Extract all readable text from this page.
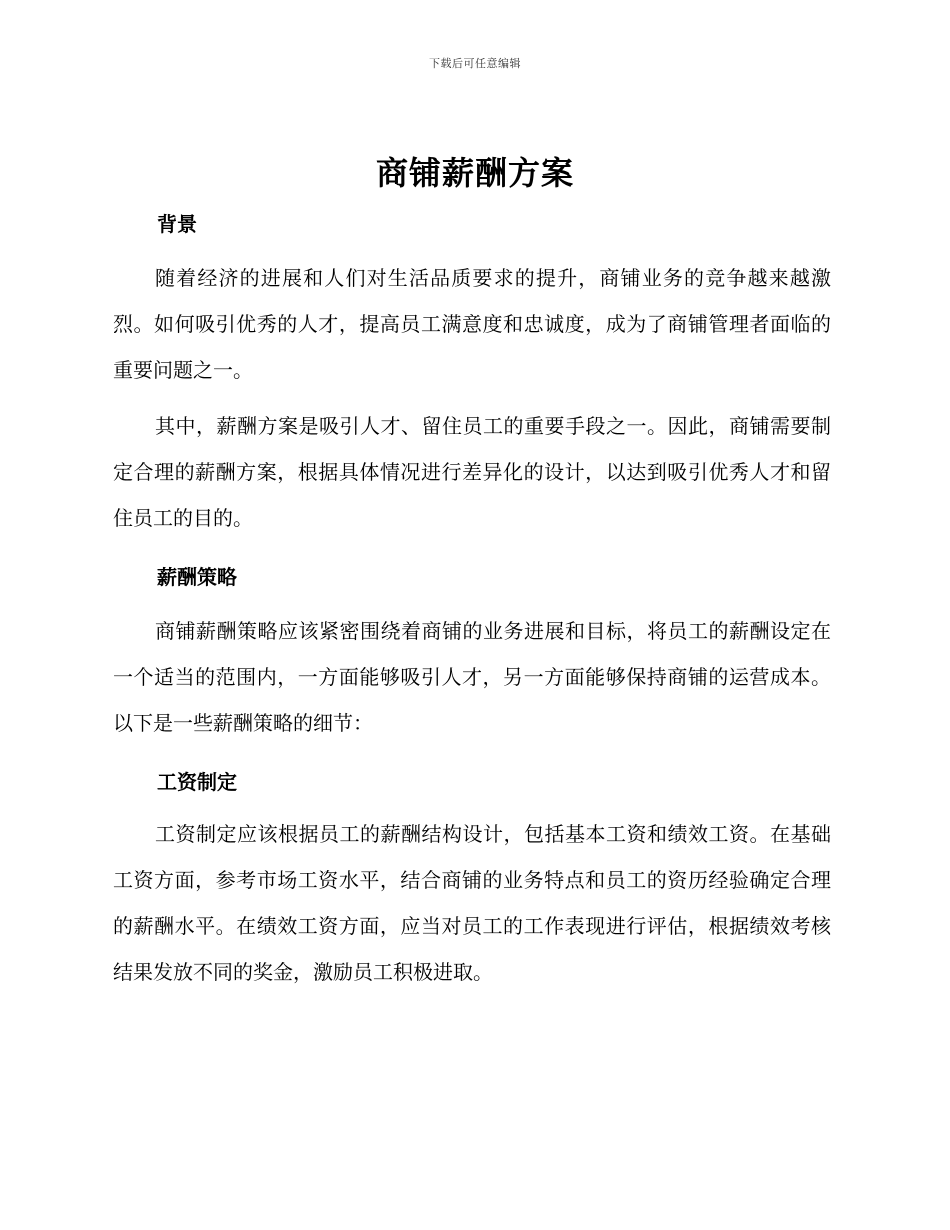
下载后可任意编辑
商铺薪酬方案
背景

随着经济的进展和人们对生活品质要求的提升，商铺业务的竞争越来越激烈。如何吸引优秀的人才，提高员工满意度和忠诚度，成为了商铺管理者面临的重要问题之一。

其中，薪酬方案是吸引人才、留住员工的重要手段之一。因此，商铺需要制定合理的薪酬方案，根据具体情况进行差异化的设计，以达到吸引优秀人才和留住员工的目的。

薪酬策略

商铺薪酬策略应该紧密围绕着商铺的业务进展和目标，将员工的薪酬设定在一个适当的范围内，一方面能够吸引人才，另一方面能够保持商铺的运营成本。以下是一些薪酬策略的细节：

工资制定

工资制定应该根据员工的薪酬结构设计，包括基本工资和绩效工资。在基础工资方面，参考市场工资水平，结合商铺的业务特点和员工的资历经验确定合理的薪酬水平。在绩效工资方面，应当对员工的工作表现进行评估，根据绩效考核结果发放不同的奖金，激励员工积极进取。
